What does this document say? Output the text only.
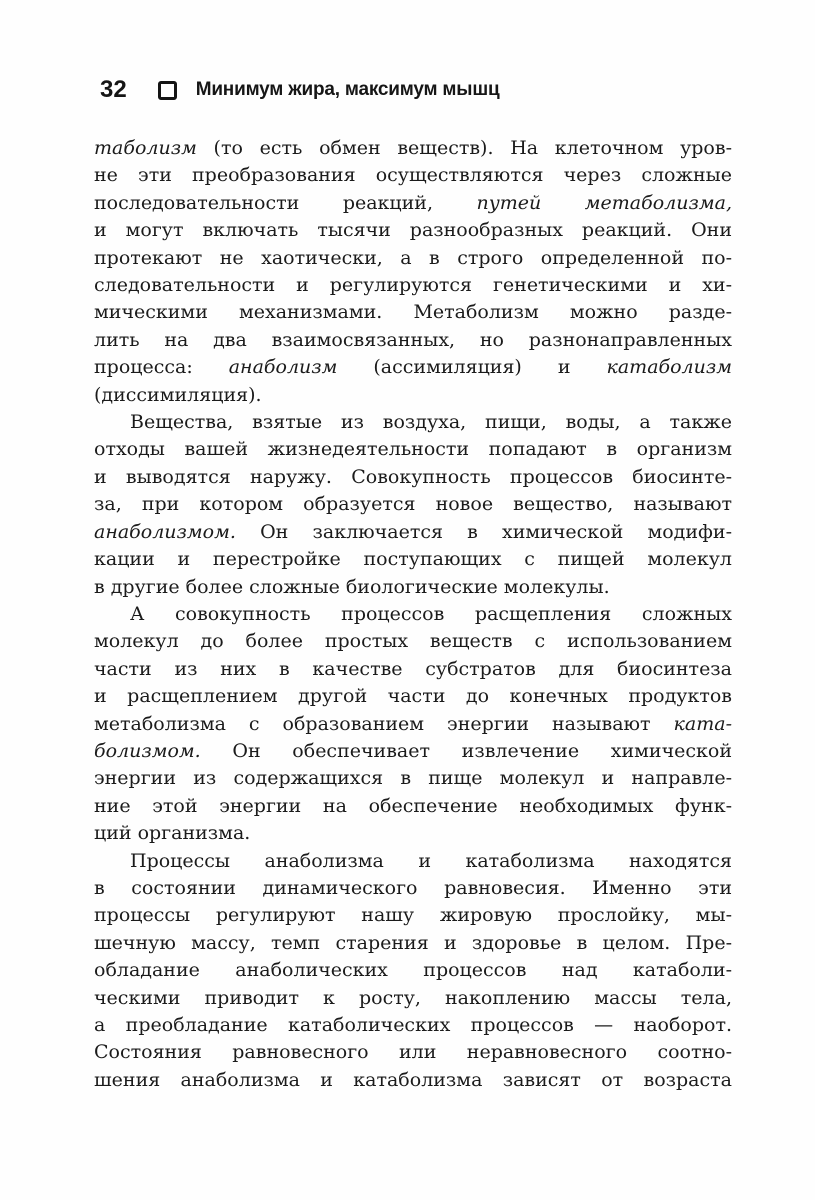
32	Минимум жира, максимум мышц
таболизм (то есть обмен веществ). На клеточном уров-
не эти преобразования осуществляются через сложные
последовательности реакций, путей метаболизма,
и могут включать тысячи разнообразных реакций. Они
протекают не хаотически, а в строго определенной по-
следовательности и регулируются генетическими и хи-
мическими механизмами. Метаболизм можно разде-
лить на два взаимосвязанных, но разнонаправленных
процесса: анаболизм (ассимиляция) и катаболизм
(диссимиляция).
Вещества, взятые из воздуха, пищи, воды, а также
отходы вашей жизнедеятельности попадают в организм
и выводятся наружу. Совокупность процессов биосинте-
за, при котором образуется новое вещество, называют
анаболизмом. Он заключается в химической модифи-
кации и перестройке поступающих с пищей молекул
в другие более сложные биологические молекулы.
А совокупность процессов расщепления сложных
молекул до более простых веществ с использованием
части из них в качестве субстратов для биосинтеза
и расщеплением другой части до конечных продуктов
метаболизма с образованием энергии называют ката-
болизмом. Он обеспечивает извлечение химической
энергии из содержащихся в пище молекул и направле-
ние этой энергии на обеспечение необходимых функ-
ций организма.
Процессы анаболизма и катаболизма находятся
в состоянии динамического равновесия. Именно эти
процессы регулируют нашу жировую прослойку, мы-
шечную массу, темп старения и здоровье в целом. Пре-
обладание анаболических процессов над катаболи-
ческими приводит к росту, накоплению массы тела,
а преобладание катаболических процессов — наоборот.
Состояния равновесного или неравновесного соотно-
шения анаболизма и катаболизма зависят от возраста
